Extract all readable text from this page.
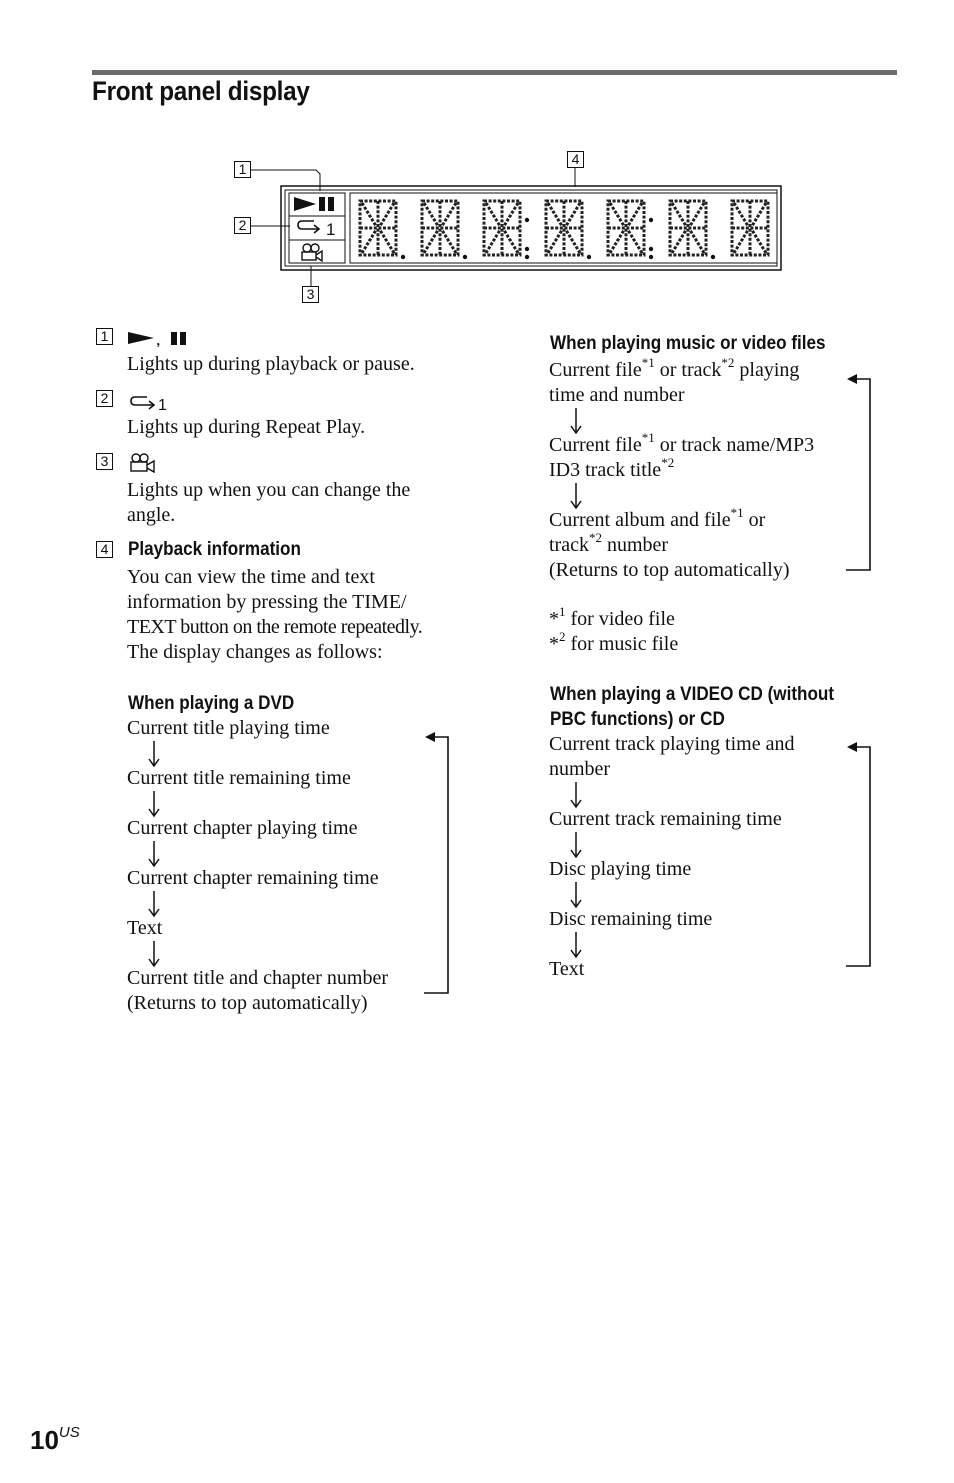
Front panel display
1
2
3
4
1
1	,
Lights up during playback or pause.
2	1
Lights up during Repeat Play.
3
Lights up when you can change the
angle.
4 Playback information
You can view the time and text
information by pressing the TIME/
TEXT button on the remote repeatedly.
The display changes as follows:
When playing a DVD
Current title playing time
Current title remaining time
Current chapter playing time
Current chapter remaining time
Text
Current title and chapter number
(Returns to top automatically)
When playing music or video files
Current file$^{*1}$ or track$^{*2}$ playing
time and number
Current file$^{*1}$ or track name/MP3
ID3 track title$^{*2}$
Current album and file$^{*1}$ or
track$^{*2}$ number
(Returns to top automatically)
*$^1$ for video file
*$^2$ for music file
When playing a VIDEO CD (without
PBC functions) or CD
Current track playing time and
number
Current track remaining time
Disc playing time
Disc remaining time
Text
$10^{US}$
